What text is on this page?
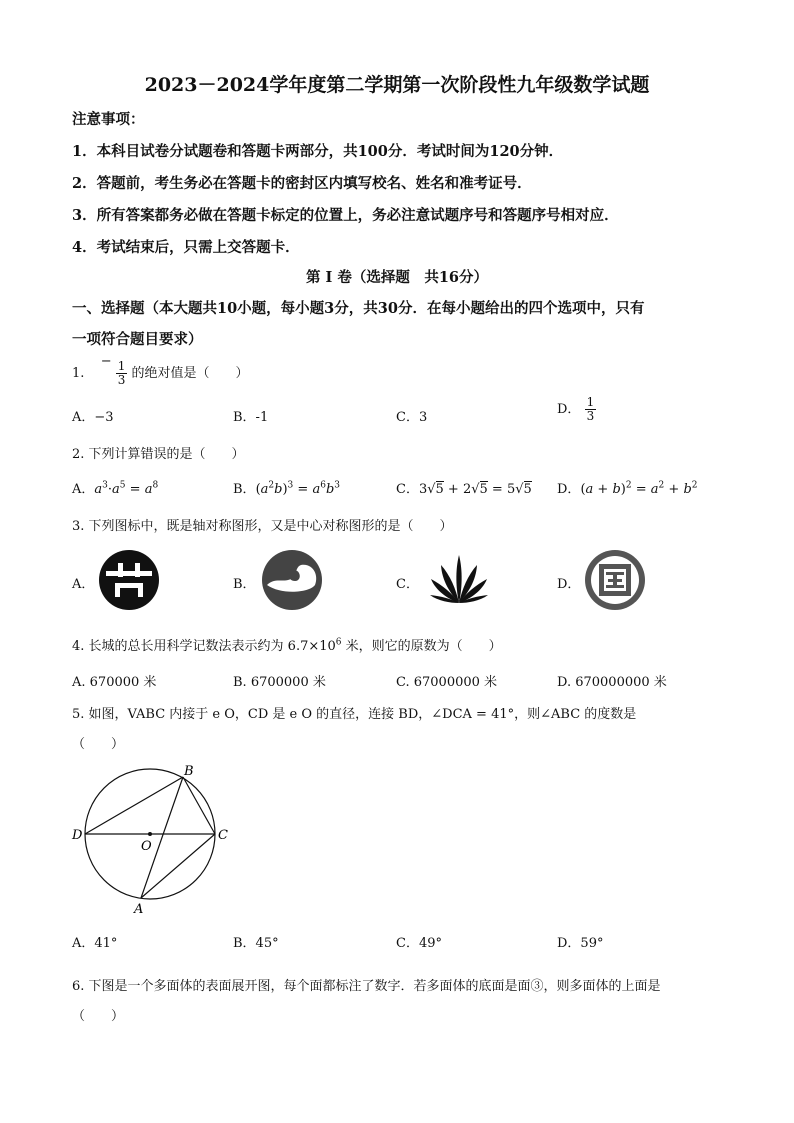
2023－2024学年度第二学期第一次阶段性九年级数学试题
注意事项：
1．本科目试卷分试题卷和答题卡两部分，共100分．考试时间为120分钟．
2．答题前，考生务必在答题卡的密封区内填写校名、姓名和准考证号．
3．所有答案都务必做在答题卡标定的位置上，务必注意试题序号和答题序号相对应．
4．考试结束后，只需上交答题卡．
第 I 卷（选择题　共16分）
一、选择题（本大题共10小题，每小题3分，共30分．在每小题给出的四个选项中，只有
一项符合题目要求）
1.  − $\frac{1}{3}$ 的绝对值是（　　）
A．−3	B．-1	C．3
D． $\frac{1}{3}$
2. 下列计算错误的是（　　）
A．$a^3\cdot a^5 = a^8$	B．$(a^2b)^3 = a^6b^3$	C．3√5 + 2√5 = 5√5 D．$(a + b)^2 = a^2 + b^2$
3. 下列图标中，既是轴对称图形，又是中心对称图形的是（　　）
A．	B．	C．	D．
4. 长城的总长用科学记数法表示约为 $6.7\times 10^6$ 米，则它的原数为（　　）
A. 670000 米	B. 6700000 米	C. 67000000 米	D. 670000000 米
5. 如图，VABC 内接于 e O，CD 是 e O 的直径，连接 BD，∠DCA = 41°，则∠ABC 的度数是
（　　）
B
D
O
C
A
A．41°	B．45°	C．49°	D．59°
6. 下图是一个多面体的表面展开图，每个面都标注了数字．若多面体的底面是面③，则多面体的上面是
（　　）
